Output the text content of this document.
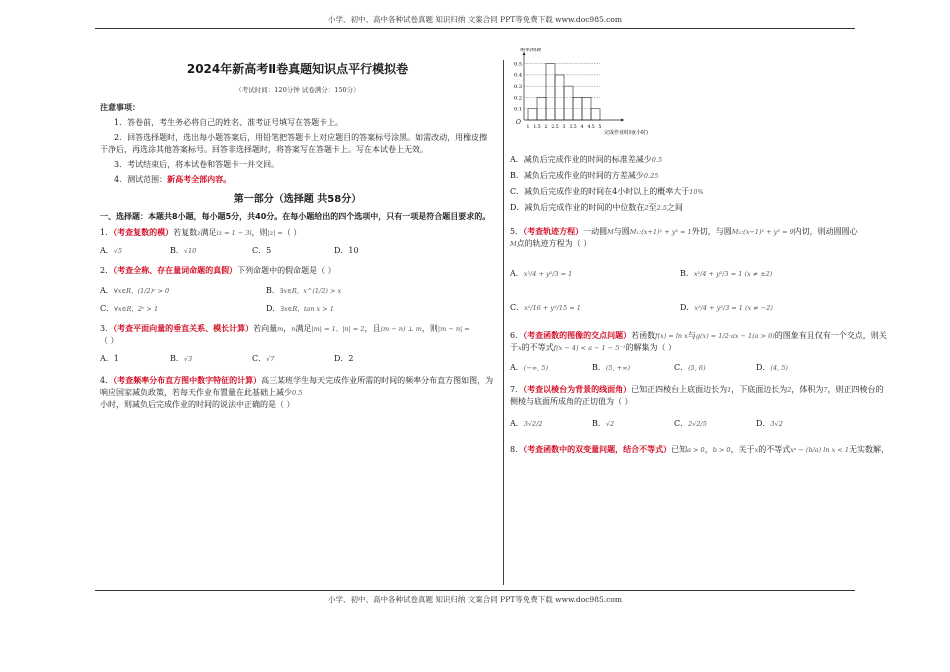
小学、初中、高中各种试卷真题 知识归纳 文案合同 PPT等免费下载 www.doc985.com

2024年新高考Ⅱ卷真题知识点平行模拟卷

（考试时间：120分钟 试卷满分：150分）

注意事项：

1．答卷前，考生务必将自己的姓名、准考证号填写在答题卡上。

2．回答选择题时，选出每小题答案后，用铅笔把答题卡上对应题目的答案标号涂黑。如需改动，用橡皮擦干净后，再选涂其他答案标号。回答非选择题时，将答案写在答题卡上。写在本试卷上无效。

3．考试结束后，将本试卷和答题卡一并交回。

4．测试范围：新高考全部内容。

第一部分（选择题 共58分）

一、选择题：本题共8小题，每小题5分，共40分。在每小题给出的四个选项中，只有一项是符合题目要求的。

1．（考查复数的模）若复数z满足iz = 1 − 3i，则|z| =（ ）

A．√5	B．√10	C．5	D．10

2．（考查全称、存在量词命题的真假）下列命题中的假命题是（ ）

A．∀x∈R，(1/2)ˣ > 0	B．∃x∈R，x^(1/2) > x

C．∀x∈R，2ˣ > 1	D．∃x∈R，tan x > 1

3．（考查平面向量的垂直关系、模长计算）若向量m，n满足|m| = 1，|n| = 2，且(m − n) ⊥ m，则|m − n| =
（ ）

A．1	B．√3	C．√7	D．2

4．（考查频率分布直方图中数字特征的计算）高三某班学生每天完成作业所需的时间的频率分布直方图如图，为响应国家减负政策，若每天作业布置量在此基础上减少0.5小时，则减负后完成作业的时间的说法中正确的是（ ）

0.1
0.2
0.3
0.4
0.5
1 1.5 2 2.5 3 3.5 4 4.5 5
O
频率/组距
完成作业时间(小时)

A．减负后完成作业的时间的标准差减少0.5

B．减负后完成作业的时间的方差减少0.25

C．减负后完成作业的时间在4小时以上的概率大于10%

D．减负后完成作业的时间的中位数在2至2.5之间

5．（考查轨迹方程）一动圆M与圆M₁:(x+1)² + y² = 1外切，与圆M₂:(x−1)² + y² = 9内切，则动圆圆心
M点的轨迹方程为（ ）

A．x²/4 + y²/3 = 1	B．x²/4 + y²/3 = 1 (x ≠ ±2)

C．x²/16 + y²/15 = 1	D．x²/4 + y²/3 = 1 (x ≠ −2)

6．（考查函数的图像的交点问题）若函数f(x) = ln x与g(x) = 1/2·ax − 1(a > 0)的图象有且仅有一个交点，则关于x的不等式f(x − 4) < a − 1 − 5⁻¹的解集为（ ）

A．(−∞, 5)	B．(5, +∞)	C．(5, 6)	D．(4, 5)

7．（考查以棱台为背景的线面角）已知正四棱台上底面边长为1，下底面边长为2，体积为7，则正四棱台的侧棱与底面所成角的正切值为（ ）

A．3√2/2	B．√2	C．2√2/5	D．3√2

8．（考查函数中的双变量问题，结合不等式）已知a > 0，b > 0，关于x的不等式xᵃ − (b/a) ln x < 1无实数解，

小学、初中、高中各种试卷真题 知识归纳 文案合同 PPT等免费下载 www.doc985.com
